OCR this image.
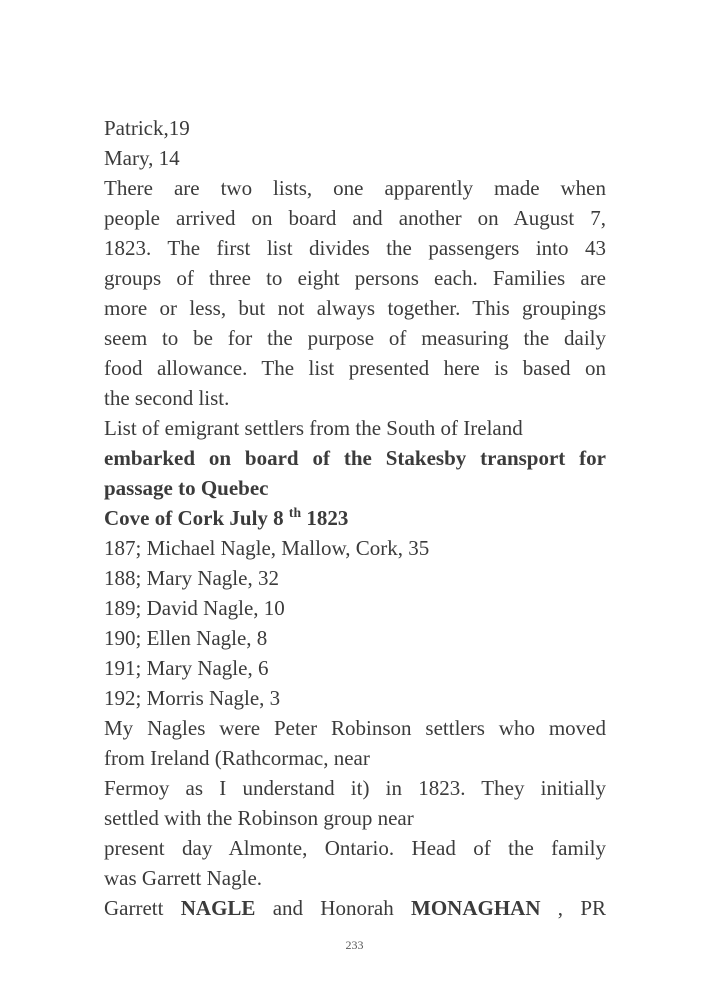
Patrick,19
Mary, 14
There are two lists, one apparently made when
people arrived on board and another on August 7,
1823. The first list divides the passengers into 43
groups of three to eight persons each. Families are
more or less, but not always together. This groupings
seem to be for the purpose of measuring the daily
food allowance. The list presented here is based on
the second list.
List of emigrant settlers from the South of Ireland
embarked on board of the Stakesby transport for
passage to Quebec
Cove of Cork July 8 $^{th}$ 1823
187; Michael Nagle, Mallow, Cork, 35
188; Mary Nagle, 32
189; David Nagle, 10
190; Ellen Nagle, 8
191; Mary Nagle, 6
192; Morris Nagle, 3
My Nagles were Peter Robinson settlers who moved
from Ireland (Rathcormac, near
Fermoy as I understand it) in 1823. They initially
settled with the Robinson group near
present day Almonte, Ontario. Head of the family
was Garrett Nagle.
Garrett NAGLE and Honorah MONAGHAN , PR
233
